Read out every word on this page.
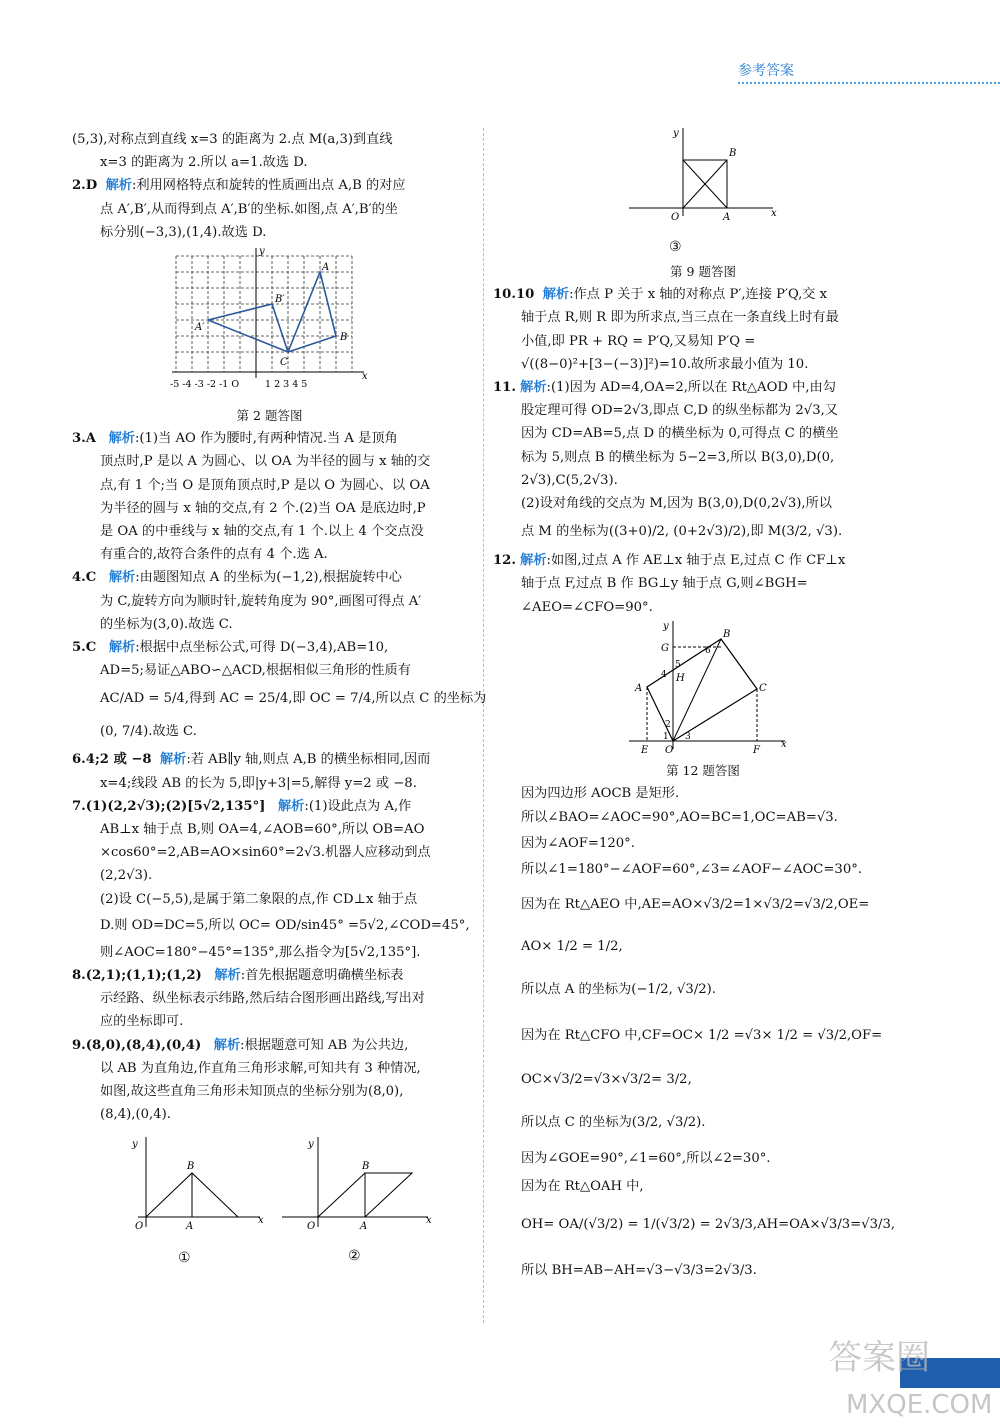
参考答案

(5,3),对称点到直线 x=3 的距离为 2.点 M(a,3)到直线

x=3 的距离为 2.所以 a=1.故选 D.

2.D 解析:利用网格特点和旋转的性质画出点 A,B 的对应

点 A′,B′,从而得到点 A′,B′的坐标.如图,点 A′,B′的坐

标分别(−3,3),(1,4).故选 D.

x
y
A′
B′
A
B
C
-5 -4 -3 -2 -1 O	1 2 3 4 5

第 2 题答图

3.A 解析:(1)当 AO 作为腰时,有两种情况.当 A 是顶角

顶点时,P 是以 A 为圆心、以 OA 为半径的圆与 x 轴的交

点,有 1 个;当 O 是顶角顶点时,P 是以 O 为圆心、以 OA

为半径的圆与 x 轴的交点,有 2 个.(2)当 OA 是底边时,P

是 OA 的中垂线与 x 轴的交点,有 1 个.以上 4 个交点没

有重合的,故符合条件的点有 4 个.选 A.

4.C 解析:由题图知点 A 的坐标为(−1,2),根据旋转中心

为 C,旋转方向为顺时针,旋转角度为 90°,画图可得点 A′

的坐标为(3,0).故选 C.

5.C 解析:根据中点坐标公式,可得 D(−3,4),AB=10,

AD=5;易证△ABO∽△ACD,根据相似三角形的性质有

AC/AD = 5/4,得到 AC = 25/4,即 OC = 7/4,所以点 C 的坐标为

(0, 7/4).故选 C.

6.4;2 或 −8 解析:若 AB∥y 轴,则点 A,B 的横坐标相同,因而

x=4;线段 AB 的长为 5,即|y+3|=5,解得 y=2 或 −8.

7.(1)(2,2√3);(2)[5√2,135°] 解析:(1)设此点为 A,作

AB⊥x 轴于点 B,则 OA=4,∠AOB=60°,所以 OB=AO

×cos60°=2,AB=AO×sin60°=2√3.机器人应移动到点

(2,2√3).

(2)设 C(−5,5),是属于第二象限的点,作 CD⊥x 轴于点

D.则 OD=DC=5,所以 OC= OD/sin45° =5√2,∠COD=45°,

则∠AOC=180°−45°=135°,那么指令为[5√2,135°].

8.(2,1);(1,1);(1,2) 解析:首先根据题意明确横坐标表

示经路、纵坐标表示纬路,然后结合图形画出路线,写出对

应的坐标即可.

9.(8,0),(8,4),(0,4) 解析:根据题意可知 AB 为公共边,

以 AB 为直角边,作直角三角形求解,可知共有 3 种情况,

如图,故这些直角三角形未知顶点的坐标分别为(8,0),

(8,4),(0,4).

y
x
O
B
A
y
x
O
B
A
①	②
y
x
O
B
A
③

第 9 题答图

10.10 解析:作点 P 关于 x 轴的对称点 P′,连接 P′Q,交 x

轴于点 R,则 R 即为所求点,当三点在一条直线上时有最

小值,即 PR + RQ = P′Q,又易知 P′Q =

√((8−0)²+[3−(−3)]²)=10.故所求最小值为 10.

11. 解析:(1)因为 AD=4,OA=2,所以在 Rt△AOD 中,由勾

股定理可得 OD=2√3,即点 C,D 的纵坐标都为 2√3,又

因为 CD=AB=5,点 D 的横坐标为 0,可得点 C 的横坐

标为 5,则点 B 的横坐标为 5−2=3,所以 B(3,0),D(0,

2√3),C(5,2√3).

(2)设对角线的交点为 M,因为 B(3,0),D(0,2√3),所以

点 M 的坐标为((3+0)/2, (0+2√3)/2),即 M(3/2, √3).

12. 解析:如图,过点 A 作 AE⊥x 轴于点 E,过点 C 作 CF⊥x

轴于点 F,过点 B 作 BG⊥y 轴于点 G,则∠BGH=

∠AEO=∠CFO=90°.

y
x
G
B
6
5
H
4
A	C
2
1 3
E O	F

第 12 题答图

因为四边形 AOCB 是矩形.

所以∠BAO=∠AOC=90°,AO=BC=1,OC=AB=√3.

因为∠AOF=120°.

所以∠1=180°−∠AOF=60°,∠3=∠AOF−∠AOC=30°.

因为在 Rt△AEO 中,AE=AO×√3/2=1×√3/2=√3/2,OE=

AO× 1/2 = 1/2,

所以点 A 的坐标为(−1/2, √3/2).

因为在 Rt△CFO 中,CF=OC× 1/2 =√3× 1/2 = √3/2,OF=

OC×√3/2=√3×√3/2= 3/2,

所以点 C 的坐标为(3/2, √3/2).

因为∠GOE=90°,∠1=60°,所以∠2=30°.

因为在 Rt△OAH 中,

OH= OA/(√3/2) = 1/(√3/2) = 2√3/3,AH=OA×√3/3=√3/3,

所以 BH=AB−AH=√3−√3/3=2√3/3.

答案圈
MXQE.COM
